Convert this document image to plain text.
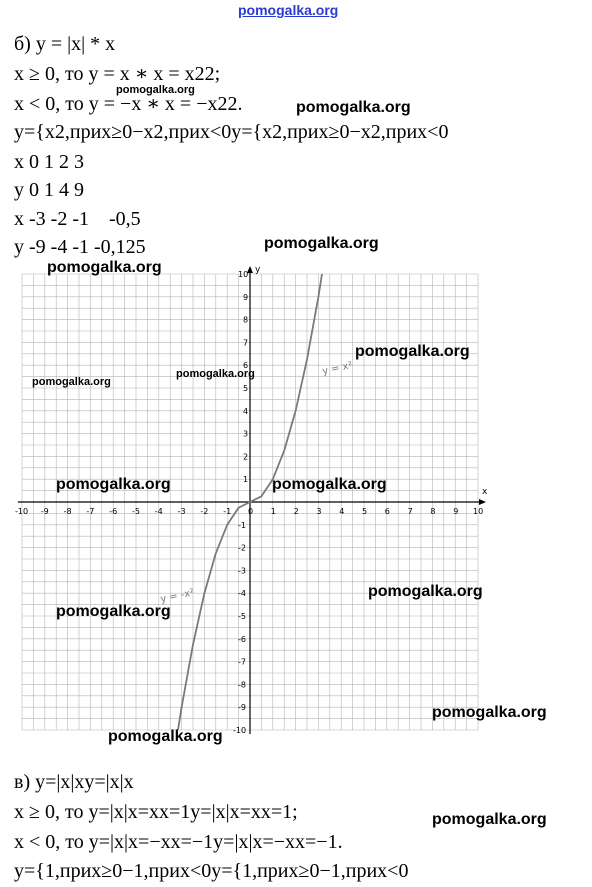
pomogalka.org
б) y = |x| * x
x ≥ 0, то y = x ∗ x = x22;
x < 0, то y = −x ∗ x = −x22.
y={x2,прих≥0−x2,прих<0y={x2,прих≥0−x2,прих<0
x 0 1 2 3
y 0 1 4 9
x -3 -2 -1    -0,5
y -9 -4 -1 -0,125
x
y
-10 -9 -8 -7 -6 -5 -4 -3 -2 -1 0 1 2 3 4 5 6 7 8 9 10
10
9
8
7
6
5
4
3
2
1
-1
-2
-3
-4
-5
-6
-7
-8
-9
-10
y = x²
y = -x²
в) y=|x|xy=|x|x
x ≥ 0, то y=|x|x=xx=1y=|x|x=xx=1;
x < 0, то y=|x|x=−xx=−1y=|x|x=−xx=−1.
y={1,прих≥0−1,прих<0y={1,прих≥0−1,прих<0
pomogalka.org
pomogalka.org
pomogalka.org
pomogalka.org
pomogalka.org
pomogalka.org
pomogalka.org
pomogalka.org	pomogalka.org
pomogalka.org
pomogalka.org
pomogalka.org
pomogalka.org
pomogalka.org
